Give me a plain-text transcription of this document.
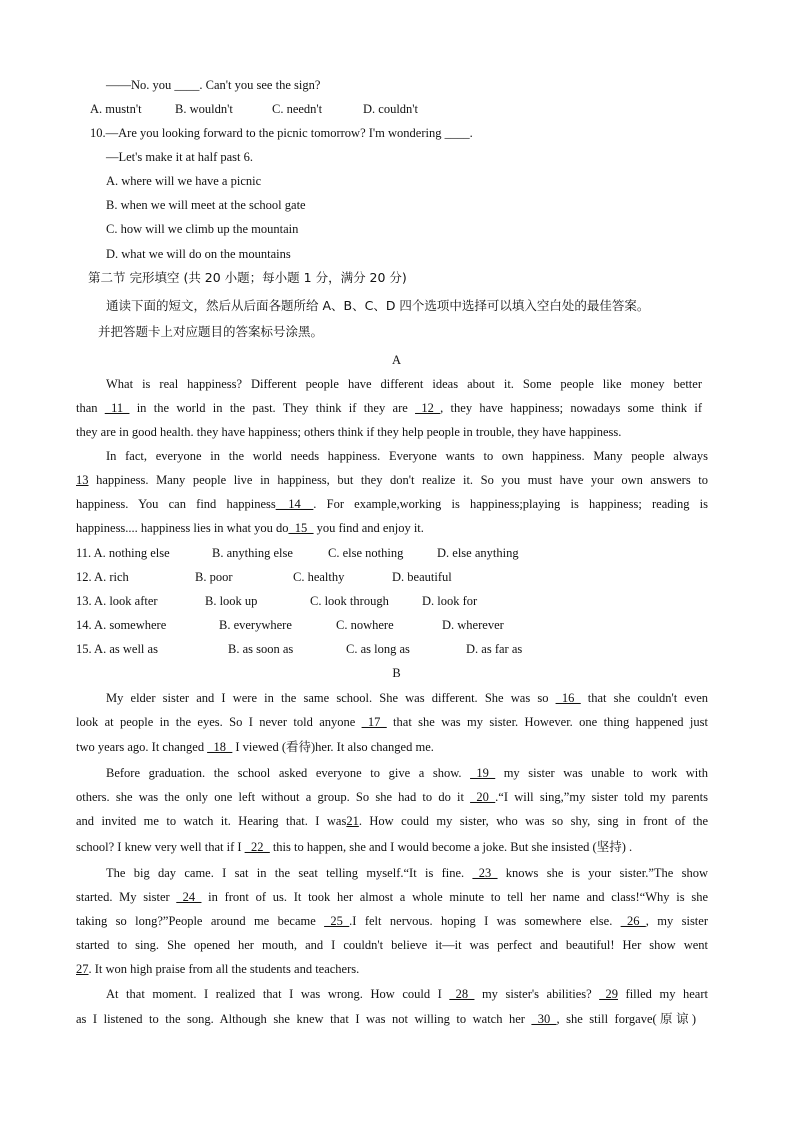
——No. you ____. Can't you see the sign?
A. mustn't	B. wouldn't	C. needn't	D. couldn't
10.—Are you looking forward to the picnic tomorrow? I'm wondering ____.
—Let's make it at half past 6.
A. where will we have a picnic
B. when we will meet at the school gate
C. how will we climb up the mountain
D. what we will do on the mountains
第二节 完形填空 (共 20 小题；每小题 1 分，满分 20 分)
通读下面的短文，然后从后面各题所给 A、B、C、D 四个选项中选择可以填入空白处的最佳答案。
并把答题卡上对应题目的答案标号涂黑。
A
What is real happiness? Different people have different ideas about it. Some people like money better
than _11_ in the world in the past. They think if they are _12_, they have happiness; nowadays some think if
they are in good health. they have happiness; others think if they help people in trouble, they have happiness.
In fact, everyone in the world needs happiness. Everyone wants to own happiness. Many people always
13 happiness. Many people live in happiness, but they don't realize it. So you must have your own answers to
happiness. You can find happiness__14__. For example,working is happiness;playing is happiness; reading is
happiness.... happiness lies in what you do_15_ you find and enjoy it.
11. A. nothing else	B. anything else	C. else nothing	D. else anything
12. A. rich	B. poor	C. healthy	D. beautiful
13. A. look after	B. look up	C. look through	D. look for
14. A. somewhere	B. everywhere	C. nowhere	D. wherever
15. A. as well as	B. as soon as	C. as long as	D. as far as
B
My elder sister and I were in the same school. She was different. She was so _16_ that she couldn't even
look at people in the eyes. So I never told anyone _17_ that she was my sister. However. one thing happened just
two years ago. It changed _18_ I viewed (看待)her. It also changed me.
Before graduation. the school asked everyone to give a show. _19_ my sister was unable to work with
others. she was the only one left without a group. So she had to do it _20_.“I will sing,”my sister told my parents
and invited me to watch it. Hearing that. I was21. How could my sister, who was so shy, sing in front of the
school? I knew very well that if I _22_ this to happen, she and I would become a joke. But she insisted (坚持) .
The big day came. I sat in the seat telling myself.“It is fine. _23_ knows she is your sister.”The show
started. My sister _24_ in front of us. It took her almost a whole minute to tell her name and class!“Why is she
taking so long?”People around me became _25_.I felt nervous. hoping I was somewhere else. _26_, my sister
started to sing. She opened her mouth, and I couldn't believe it—it was perfect and beautiful! Her show went
27. It won high praise from all the students and teachers.
At that moment. I realized that I was wrong. How could I _28_ my sister's abilities? _29 filled my heart
as I listened to the song. Although she knew that I was not willing to watch her _30_, she still forgave(原谅)
